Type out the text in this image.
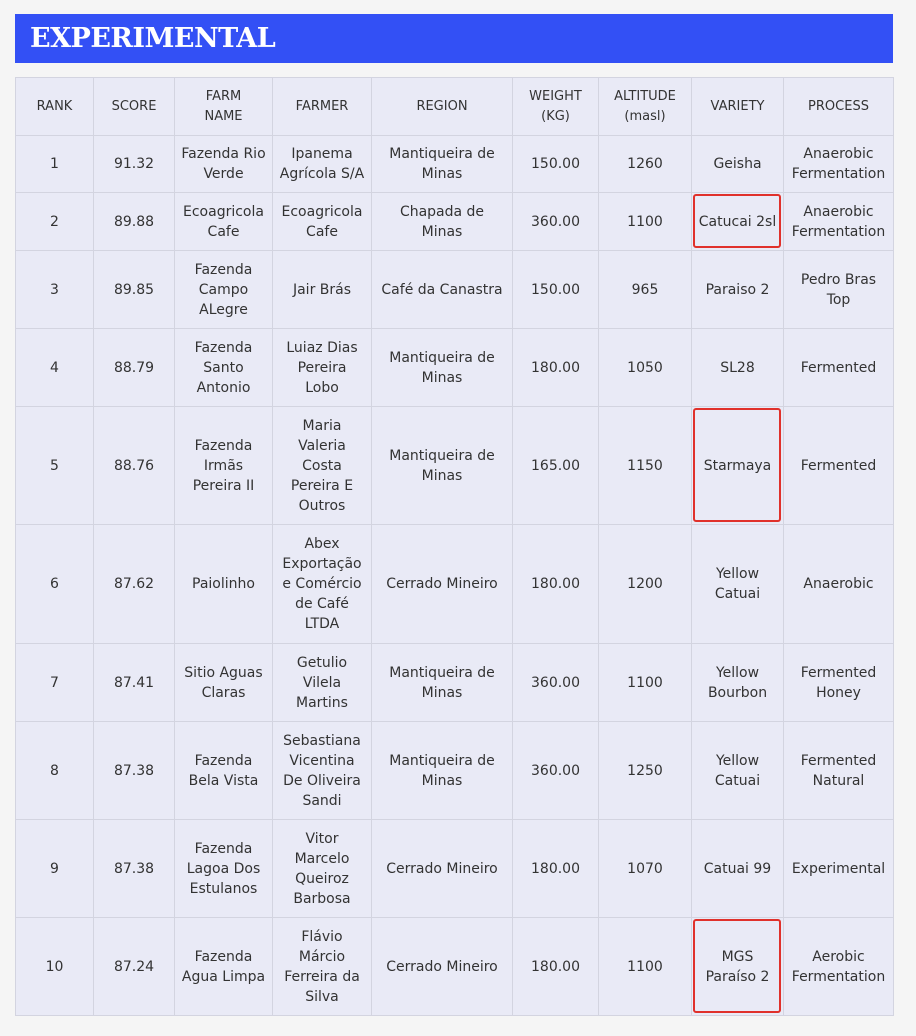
EXPERIMENTAL
RANK	SCORE	FARM NAME	FARMER	REGION	WEIGHT (KG)	ALTITUDE (masl)	VARIETY	PROCESS
1	91.32	Fazenda Rio Verde	Ipanema Agrícola S/A	Mantiqueira de Minas	150.00	1260	Geisha	Anaerobic Fermentation
2	89.88	Ecoagricola Cafe	Ecoagricola Cafe	Chapada de Minas	360.00	1100	Catucai 2sl	Anaerobic Fermentation
3	89.85	Fazenda Campo ALegre	Jair Brás	Café da Canastra	150.00	965	Paraiso 2	Pedro Bras Top
4	88.79	Fazenda Santo Antonio	Luiaz Dias Pereira Lobo	Mantiqueira de Minas	180.00	1050	SL28	Fermented
5	88.76	Fazenda Irmãs Pereira II	Maria Valeria Costa Pereira E Outros	Mantiqueira de Minas	165.00	1150	Starmaya	Fermented
6	87.62	Paiolinho	Abex Exportação e Comércio de Café LTDA	Cerrado Mineiro	180.00	1200	Yellow Catuai	Anaerobic
7	87.41	Sitio Aguas Claras	Getulio Vilela Martins	Mantiqueira de Minas	360.00	1100	Yellow Bourbon	Fermented Honey
8	87.38	Fazenda Bela Vista	Sebastiana Vicentina De Oliveira Sandi	Mantiqueira de Minas	360.00	1250	Yellow Catuai	Fermented Natural
9	87.38	Fazenda Lagoa Dos Estulanos	Vitor Marcelo Queiroz Barbosa	Cerrado Mineiro	180.00	1070	Catuai 99	Experimental
10	87.24	Fazenda Agua Limpa	Flávio Márcio Ferreira da Silva	Cerrado Mineiro	180.00	1100	MGS Paraíso 2	Aerobic Fermentation
